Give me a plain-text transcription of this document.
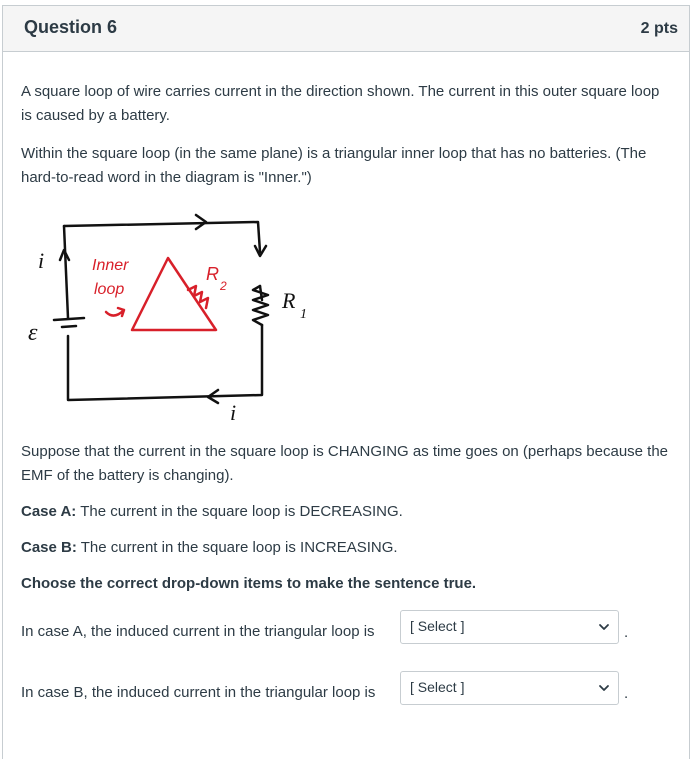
Question 6	2 pts

A square loop of wire carries current in the direction shown. The current in this outer square loop is caused by a battery.

Within the square loop (in the same plane) is a triangular inner loop that has no batteries. (The hard-to-read word in the diagram is "Inner.")

i
i
ε
R
1
Inner
loop
R
2

Suppose that the current in the square loop is CHANGING as time goes on (perhaps because the EMF of the battery is changing).

Case A: The current in the square loop is DECREASING.

Case B: The current in the square loop is INCREASING.

Choose the correct drop-down items to make the sentence true.

In case A, the induced current in the triangular loop is	[ Select ]	.

In case B, the induced current in the triangular loop is [ Select ]	.
